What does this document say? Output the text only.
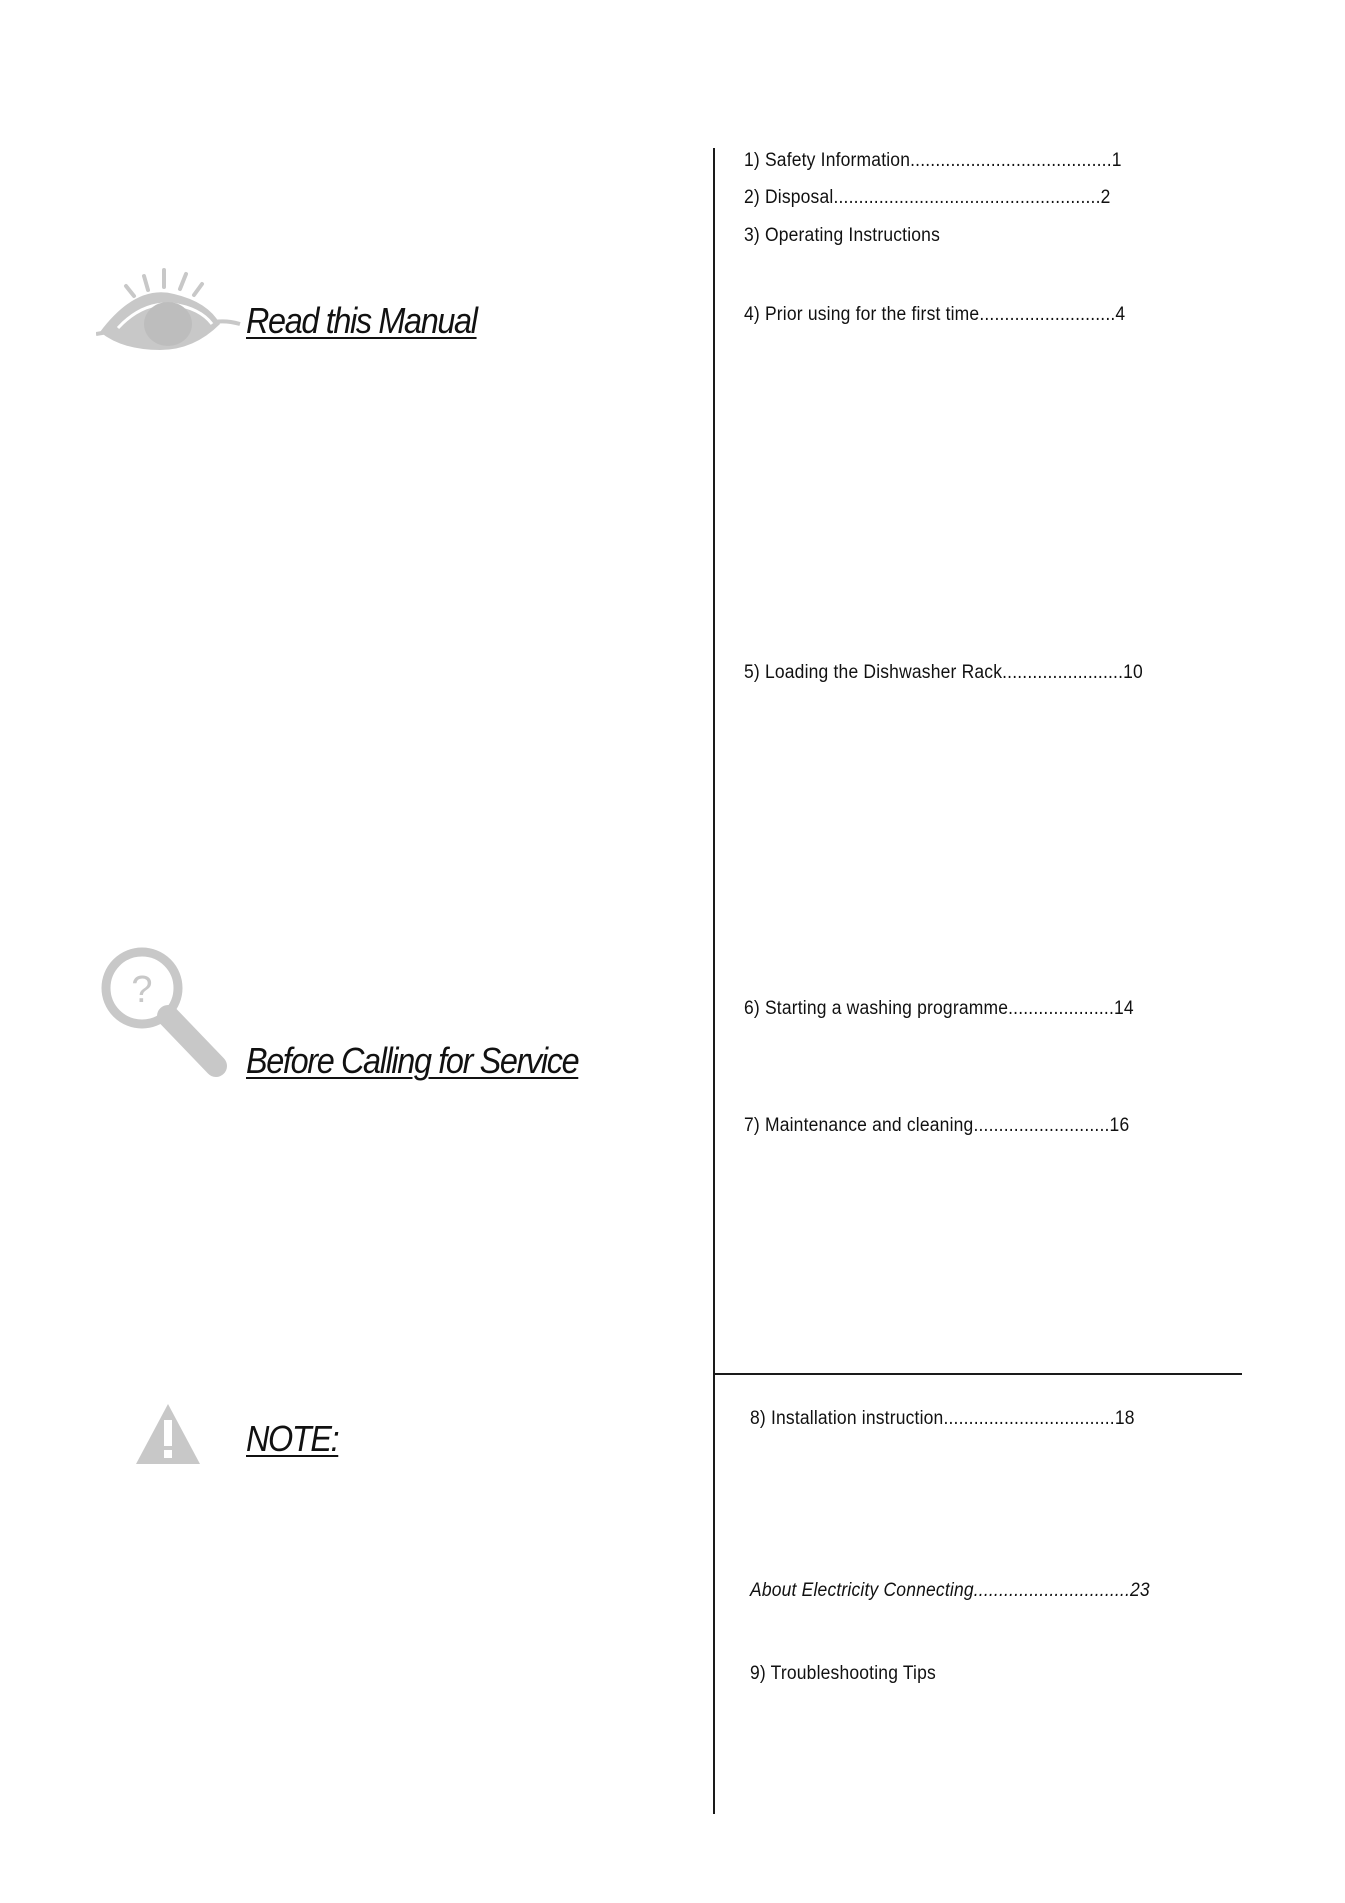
Read this Manual
?
Before Calling for Service
NOTE:
1) Safety Information........................................1
2) Disposal.....................................................2
3) Operating Instructions
4) Prior using for the first time...........................4
5) Loading the Dishwasher Rack........................10
6) Starting a washing programme.....................14
7) Maintenance and cleaning...........................16
8) Installation instruction..................................18
About Electricity Connecting...............................23
9) Troubleshooting Tips
